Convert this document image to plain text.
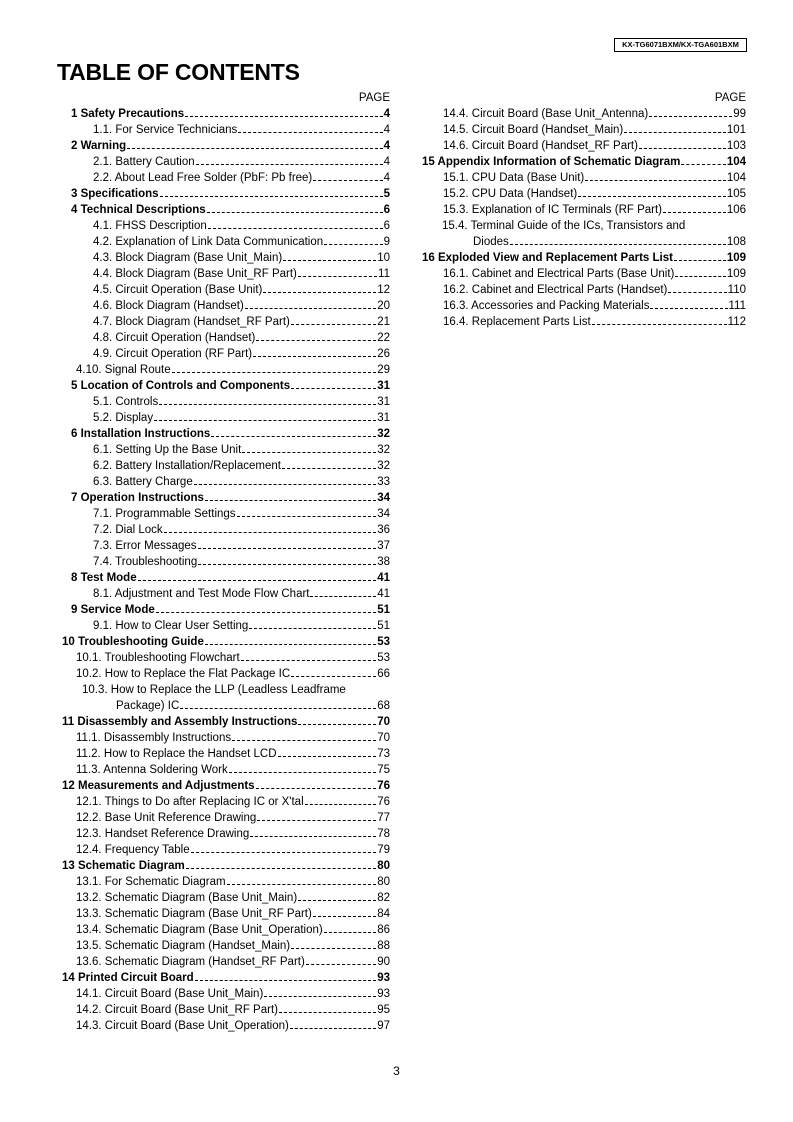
KX-TG6071BXM/KX-TGA601BXM
TABLE OF CONTENTS
PAGE
1 Safety Precautions	4
1.1. For Service Technicians	4
2 Warning	4
2.1. Battery Caution	4
2.2. About Lead Free Solder (PbF: Pb free)	4
3 Specifications	5
4 Technical Descriptions	6
4.1. FHSS Description	6
4.2. Explanation of Link Data Communication	9
4.3. Block Diagram (Base Unit_Main)	10
4.4. Block Diagram (Base Unit_RF Part)	11
4.5. Circuit Operation (Base Unit)	12
4.6. Block Diagram (Handset)	20
4.7. Block Diagram (Handset_RF Part)	21
4.8. Circuit Operation (Handset)	22
4.9. Circuit Operation (RF Part)	26
4.10. Signal Route	29
5 Location of Controls and Components	31
5.1. Controls	31
5.2. Display	31
6 Installation Instructions	32
6.1. Setting Up the Base Unit	32
6.2. Battery Installation/Replacement	32
6.3. Battery Charge	33
7 Operation Instructions	34
7.1. Programmable Settings	34
7.2. Dial Lock	36
7.3. Error Messages	37
7.4. Troubleshooting	38
8 Test Mode	41
8.1. Adjustment and Test Mode Flow Chart	41
9 Service Mode	51
9.1. How to Clear User Setting	51
10 Troubleshooting Guide	53
10.1. Troubleshooting Flowchart	53
10.2. How to Replace the Flat Package IC	66
10.3. How to Replace the LLP (Leadless Leadframe
Package) IC	68
11 Disassembly and Assembly Instructions	70
11.1. Disassembly Instructions	70
11.2. How to Replace the Handset LCD	73
11.3. Antenna Soldering Work	75
12 Measurements and Adjustments	76
12.1. Things to Do after Replacing IC or X'tal	76
12.2. Base Unit Reference Drawing	77
12.3. Handset Reference Drawing	78
12.4. Frequency Table	79
13 Schematic Diagram	80
13.1. For Schematic Diagram	80
13.2. Schematic Diagram (Base Unit_Main)	82
13.3. Schematic Diagram (Base Unit_RF Part)	84
13.4. Schematic Diagram (Base Unit_Operation)	86
13.5. Schematic Diagram (Handset_Main)	88
13.6. Schematic Diagram (Handset_RF Part)	90
14 Printed Circuit Board	93
14.1. Circuit Board (Base Unit_Main)	93
14.2. Circuit Board (Base Unit_RF Part)	95
14.3. Circuit Board (Base Unit_Operation)	97
PAGE
14.4. Circuit Board (Base Unit_Antenna)	99
14.5. Circuit Board (Handset_Main)	101
14.6. Circuit Board (Handset_RF Part)	103
15 Appendix Information of Schematic Diagram	104
15.1. CPU Data (Base Unit)	104
15.2. CPU Data (Handset)	105
15.3. Explanation of IC Terminals (RF Part)	106
15.4. Terminal Guide of the ICs, Transistors and
Diodes	108
16 Exploded View and Replacement Parts List	109
16.1. Cabinet and Electrical Parts (Base Unit)	109
16.2. Cabinet and Electrical Parts (Handset)	110
16.3. Accessories and Packing Materials	111
16.4. Replacement Parts List	112
3
